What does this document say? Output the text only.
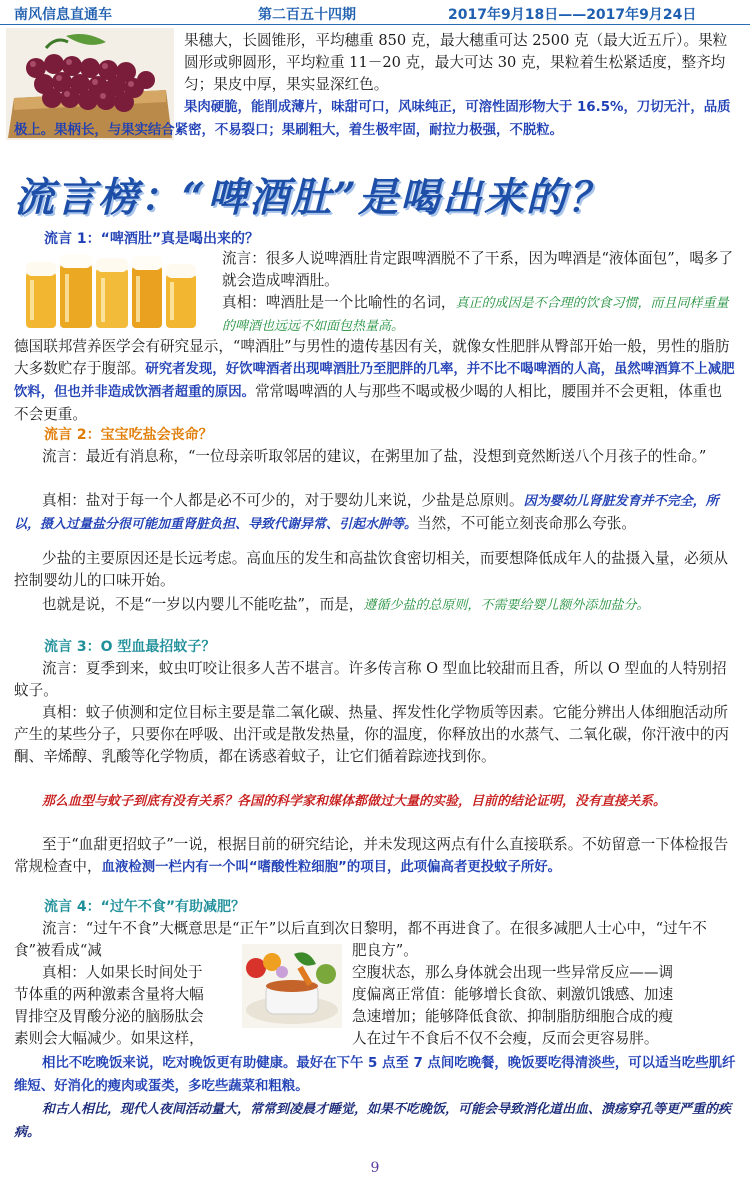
南风信息直通车	第二百五十四期	2017年9月18日——2017年9月24日

果穗大，长圆锥形，平均穗重 850 克，最大穗重可达 2500 克（最大近五斤）。果粒圆形或卵圆形，平均粒重 11－20 克，最大可达 30 克，果粒着生松紧适度，整齐均匀；果皮中厚，果实显深红色。

果肉硬脆，能削成薄片，味甜可口，风味纯正，可溶性固形物大于 16.5%，刀切无汁，品质极上。果柄长，与果实结合紧密，不易裂口；果刷粗大，着生极牢固，耐拉力极强，不脱粒。

流言榜：“啤酒肚”是喝出来的？
流言 1：“啤酒肚”真是喝出来的？

流言：很多人说啤酒肚肯定跟啤酒脱不了干系，因为啤酒是“液体面包”，喝多了就会造成啤酒肚。

真相：啤酒肚是一个比喻性的名词，真正的成因是不合理的饮食习惯，而且同样重量的啤酒也远远不如面包热量高。

德国联邦营养医学会有研究显示，“啤酒肚”与男性的遗传基因有关，就像女性肥胖从臀部开始一般，男性的脂肪大多数贮存于腹部。研究者发现，好饮啤酒者出现啤酒肚乃至肥胖的几率，并不比不喝啤酒的人高，虽然啤酒算不上减肥饮料，但也并非造成饮酒者超重的原因。常常喝啤酒的人与那些不喝或极少喝的人相比，腰围并不会更粗，体重也不会更重。

流言 2：宝宝吃盐会丧命？

流言：最近有消息称，“一位母亲听取邻居的建议，在粥里加了盐，没想到竟然断送八个月孩子的性命。”

真相：盐对于每一个人都是必不可少的，对于婴幼儿来说，少盐是总原则。因为婴幼儿肾脏发育并不完全，所以，摄入过量盐分很可能加重肾脏负担、导致代谢异常、引起水肿等。当然，不可能立刻丧命那么夸张。

少盐的主要原因还是长远考虑。高血压的发生和高盐饮食密切相关，而要想降低成年人的盐摄入量，必须从控制婴幼儿的口味开始。

也就是说，不是“一岁以内婴儿不能吃盐”，而是，遵循少盐的总原则，不需要给婴儿额外添加盐分。

流言 3：O 型血最招蚊子？

流言：夏季到来，蚊虫叮咬让很多人苦不堪言。许多传言称 O 型血比较甜而且香，所以 O 型血的人特别招蚊子。

真相：蚊子侦测和定位目标主要是靠二氧化碳、热量、挥发性化学物质等因素。它能分辨出人体细胞活动所产生的某些分子，只要你在呼吸、出汗或是散发热量，你的温度，你释放出的水蒸气、二氧化碳，你汗液中的丙酮、辛烯醇、乳酸等化学物质，都在诱惑着蚊子，让它们循着踪迹找到你。

那么血型与蚊子到底有没有关系？各国的科学家和媒体都做过大量的实验，目前的结论证明，没有直接关系。

至于“血甜更招蚊子”一说，根据目前的研究结论，并未发现这两点有什么直接联系。不妨留意一下体检报告常规检查中，血液检测一栏内有一个叫“嗜酸性粒细胞”的项目，此项偏高者更投蚊子所好。

流言 4：“过午不食”有助减肥？

流言：“过午不食”大概意思是“正午”以后直到次日黎明，都不再进食了。在很多减肥人士心中，“过午不食”被看成“减	肥良方”。

真相：人如果长时间处于
节体重的两种激素含量将大幅
胃排空及胃酸分泌的脑肠肽会
素则会大幅减少。如果这样，
空腹状态，那么身体就会出现一些异常反应——调
度偏离正常值：能够增长食欲、刺激饥饿感、加速
急速增加；能够降低食欲、抑制脂肪细胞合成的瘦
人在过午不食后不仅不会瘦，反而会更容易胖。

相比不吃晚饭来说，吃对晚饭更有助健康。最好在下午 5 点至 7 点间吃晚餐，晚饭要吃得清淡些，可以适当吃些肌纤维短、好消化的瘦肉或蛋类，多吃些蔬菜和粗粮。

和古人相比，现代人夜间活动量大，常常到凌晨才睡觉，如果不吃晚饭，可能会导致消化道出血、溃疡穿孔等更严重的疾病。

9
